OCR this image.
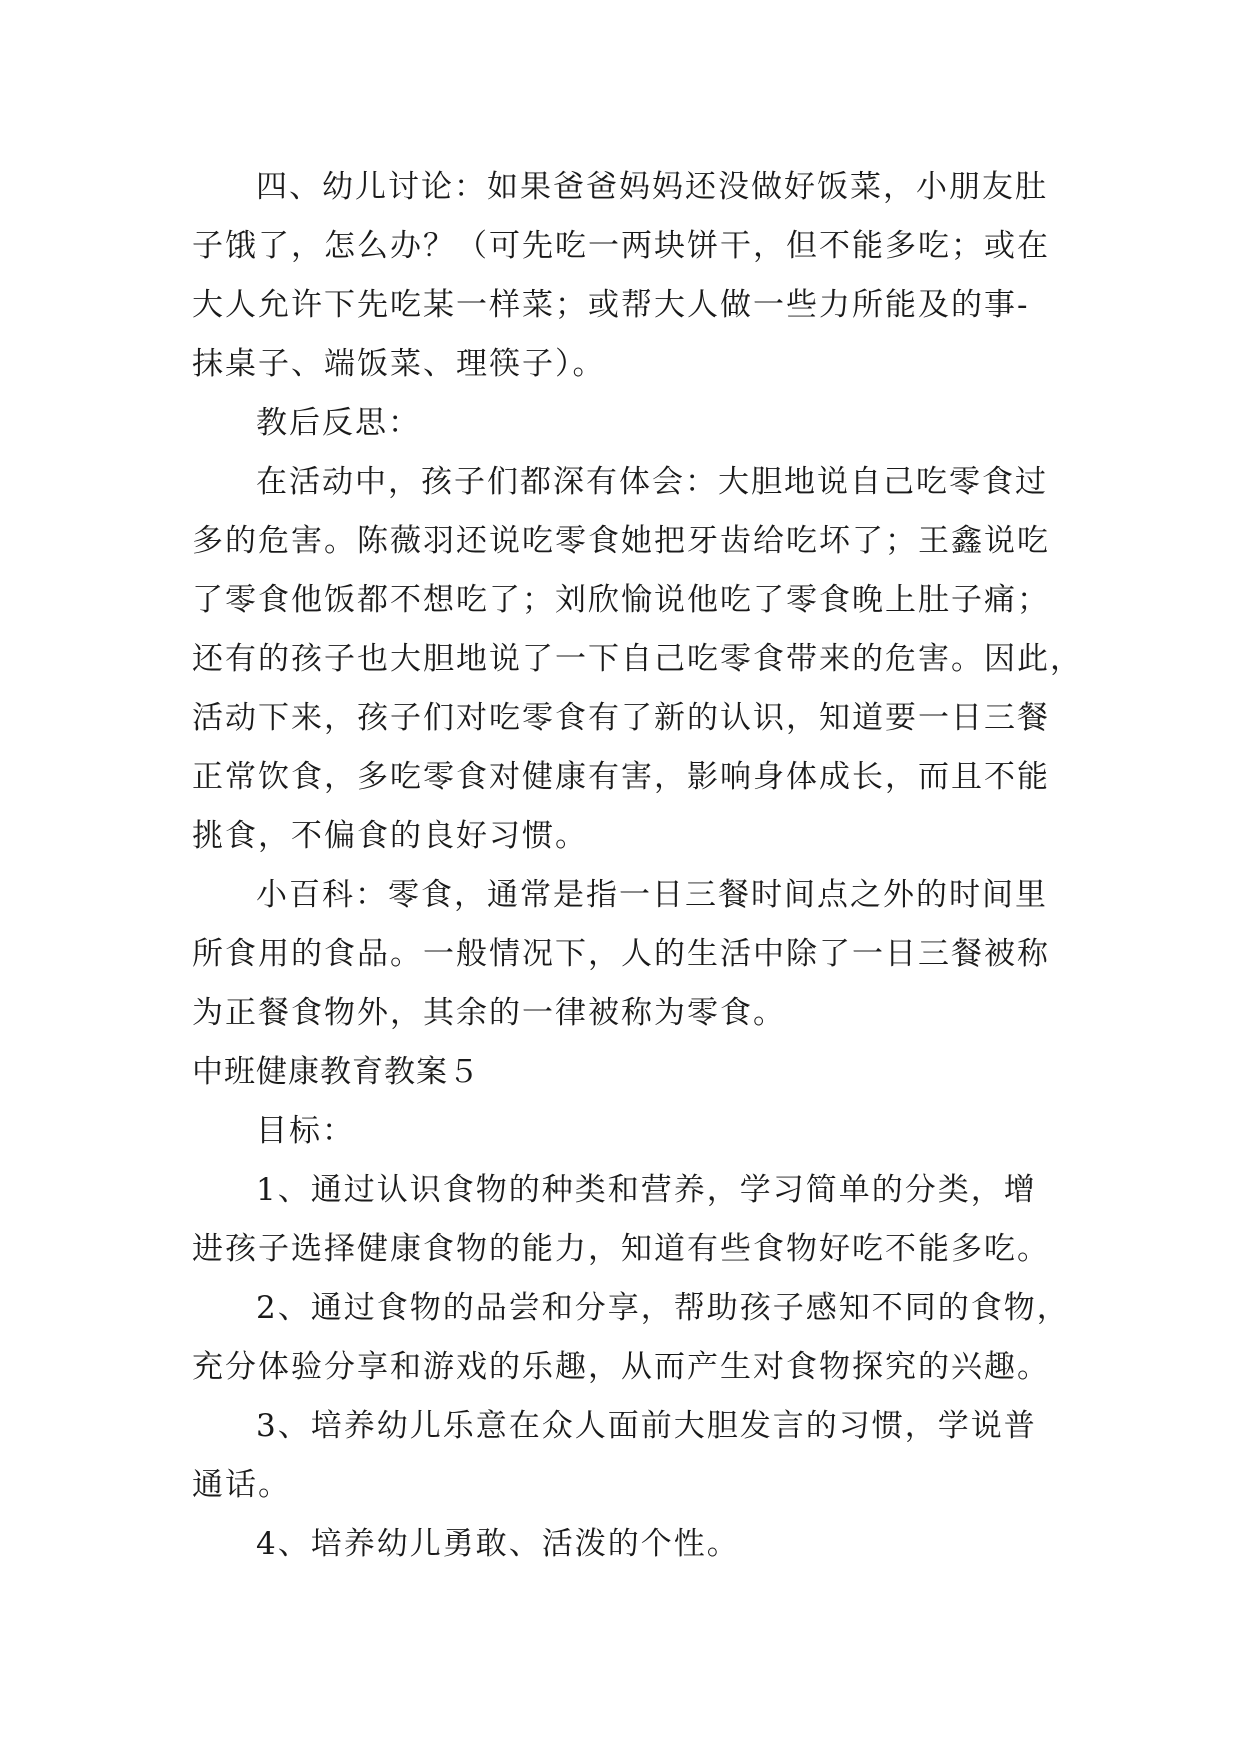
四、幼儿讨论：如果爸爸妈妈还没做好饭菜，小朋友肚
子饿了，怎么办？（可先吃一两块饼干，但不能多吃；或在
大人允许下先吃某一样菜；或帮大人做一些力所能及的事-
抹桌子、端饭菜、理筷子）。
教后反思：
在活动中，孩子们都深有体会：大胆地说自己吃零食过
多的危害。陈薇羽还说吃零食她把牙齿给吃坏了；王鑫说吃
了零食他饭都不想吃了；刘欣愉说他吃了零食晚上肚子痛；
还有的孩子也大胆地说了一下自己吃零食带来的危害。因此，
活动下来，孩子们对吃零食有了新的认识，知道要一日三餐
正常饮食，多吃零食对健康有害，影响身体成长，而且不能
挑食，不偏食的良好习惯。
小百科：零食，通常是指一日三餐时间点之外的时间里
所食用的食品。一般情况下，人的生活中除了一日三餐被称
为正餐食物外，其余的一律被称为零食。
中班健康教育教案５
目标：
1、通过认识食物的种类和营养，学习简单的分类，增
进孩子选择健康食物的能力，知道有些食物好吃不能多吃。
2、通过食物的品尝和分享，帮助孩子感知不同的食物，
充分体验分享和游戏的乐趣，从而产生对食物探究的兴趣。
3、培养幼儿乐意在众人面前大胆发言的习惯，学说普
通话。
4、培养幼儿勇敢、活泼的个性。
